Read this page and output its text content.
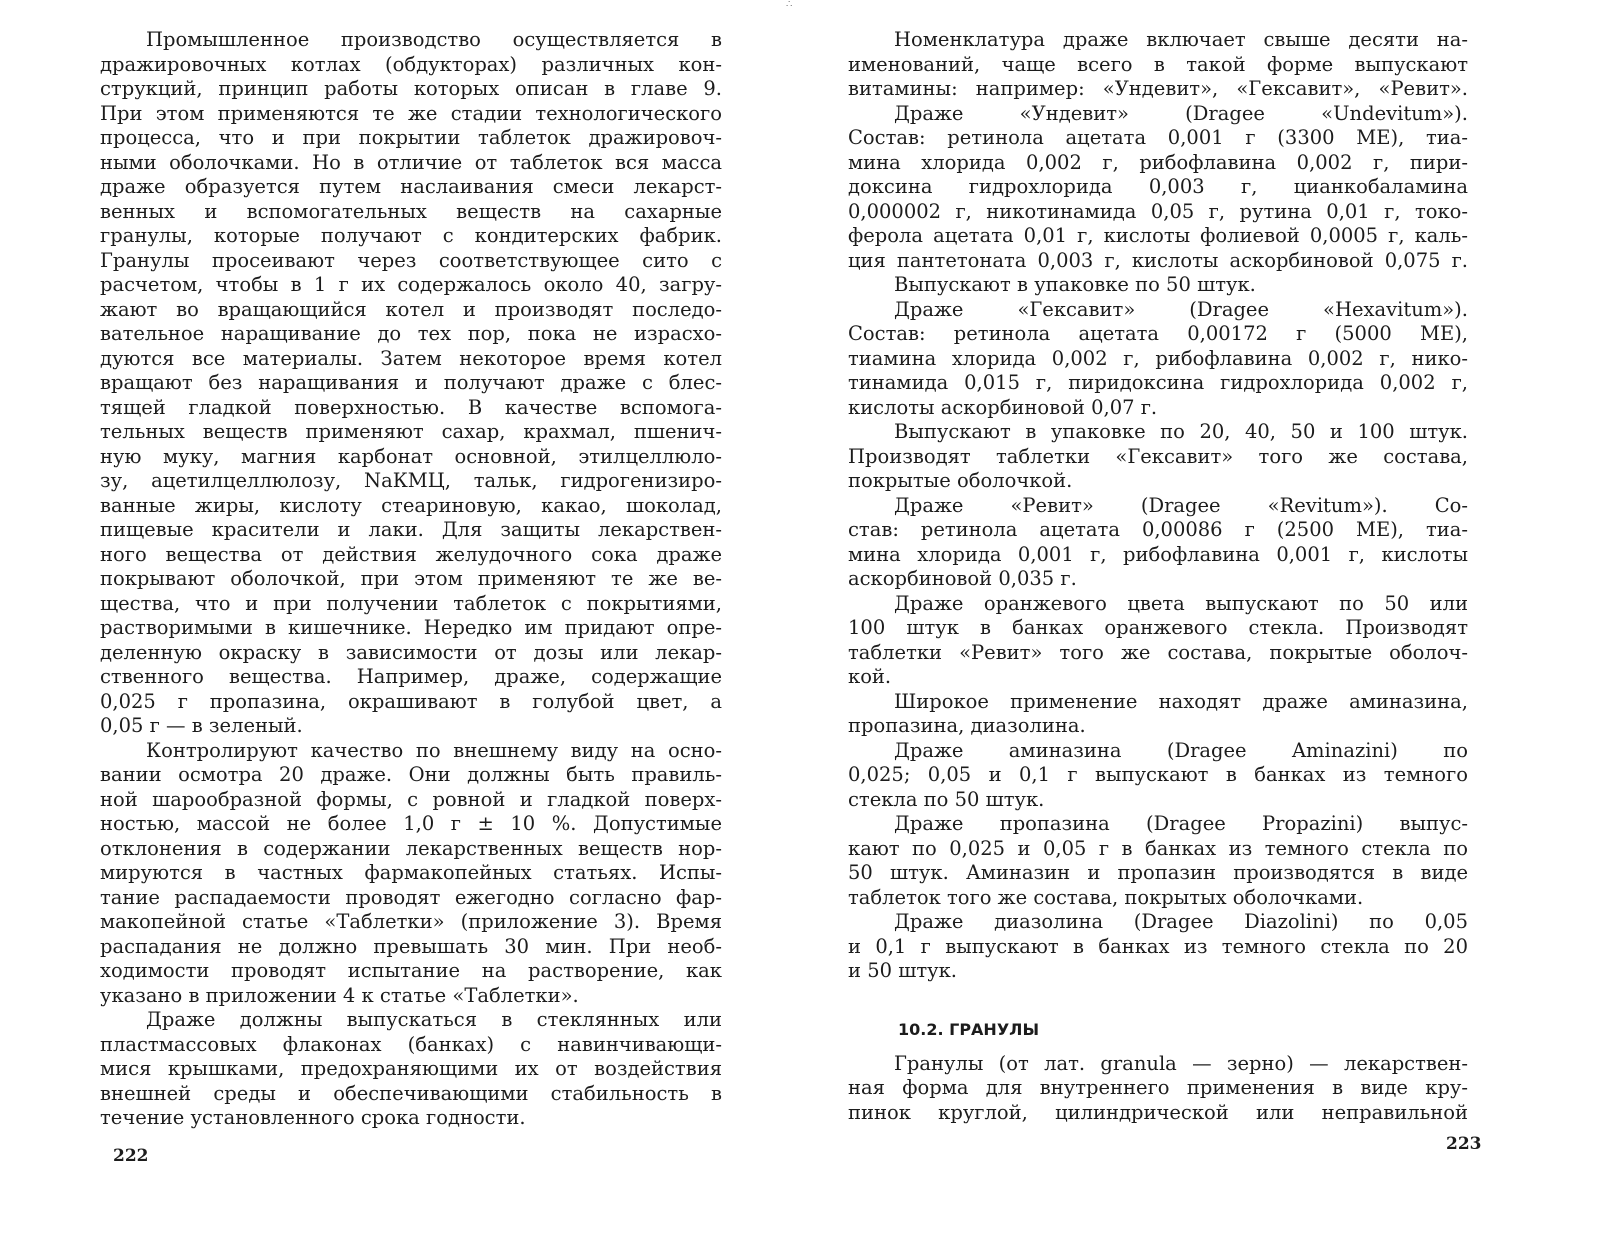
∴
Промышленное производство осуществляется в
дражировочных котлах (обдукторах) различных кон-
струкций, принцип работы которых описан в главе 9.
При этом применяются те же стадии технологического
процесса, что и при покрытии таблеток дражировоч-
ными оболочками. Но в отличие от таблеток вся масса
драже образуется путем наслаивания смеси лекарст-
венных и вспомогательных веществ на сахарные
гранулы, которые получают с кондитерских фабрик.
Гранулы просеивают через соответствующее сито с
расчетом, чтобы в 1 г их содержалось около 40, загру-
жают во вращающийся котел и производят последо-
вательное наращивание до тех пор, пока не израсхо-
дуются все материалы. Затем некоторое время котел
вращают без наращивания и получают драже с блес-
тящей гладкой поверхностью. В качестве вспомога-
тельных веществ применяют сахар, крахмал, пшенич-
ную муку, магния карбонат основной, этилцеллюло-
зу, ацетилцеллюлозу, NaКМЦ, тальк, гидрогенизиро-
ванные жиры, кислоту стеариновую, какао, шоколад,
пищевые красители и лаки. Для защиты лекарствен-
ного вещества от действия желудочного сока драже
покрывают оболочкой, при этом применяют те же ве-
щества, что и при получении таблеток с покрытиями,
растворимыми в кишечнике. Нередко им придают опре-
деленную окраску в зависимости от дозы или лекар-
ственного вещества. Например, драже, содержащие
0,025 г пропазина, окрашивают в голубой цвет, а
0,05 г — в зеленый.
Контролируют качество по внешнему виду на осно-
вании осмотра 20 драже. Они должны быть правиль-
ной шарообразной формы, с ровной и гладкой поверх-
ностью, массой не более 1,0 г ± 10 %. Допустимые
отклонения в содержании лекарственных веществ нор-
мируются в частных фармакопейных статьях. Испы-
тание распадаемости проводят ежегодно согласно фар-
макопейной статье «Таблетки» (приложение 3). Время
распадания не должно превышать 30 мин. При необ-
ходимости проводят испытание на растворение, как
указано в приложении 4 к статье «Таблетки».
Драже должны выпускаться в стеклянных или
пластмассовых флаконах (банках) с навинчивающи-
мися крышками, предохраняющими их от воздействия
внешней среды и обеспечивающими стабильность в
течение установленного срока годности.
Номенклатура драже включает свыше десяти на-
именований, чаще всего в такой форме выпускают
витамины: например: «Ундевит», «Гексавит», «Ревит».
Драже «Ундевит» (Dragee «Undevitum»).
Состав: ретинола ацетата 0,001 г (3300 МЕ), тиа-
мина хлорида 0,002 г, рибофлавина 0,002 г, пири-
доксина гидрохлорида 0,003 г, цианкобаламина
0,000002 г, никотинамида 0,05 г, рутина 0,01 г, токо-
ферола ацетата 0,01 г, кислоты фолиевой 0,0005 г, каль-
ция пантетоната 0,003 г, кислоты аскорбиновой 0,075 г.
Выпускают в упаковке по 50 штук.
Драже «Гексавит» (Dragee «Hexavitum»).
Состав: ретинола ацетата 0,00172 г (5000 МЕ),
тиамина хлорида 0,002 г, рибофлавина 0,002 г, нико-
тинамида 0,015 г, пиридоксина гидрохлорида 0,002 г,
кислоты аскорбиновой 0,07 г.
Выпускают в упаковке по 20, 40, 50 и 100 штук.
Производят таблетки «Гексавит» того же состава,
покрытые оболочкой.
Драже «Ревит» (Dragee «Revitum»). Со-
став: ретинола ацетата 0,00086 г (2500 МЕ), тиа-
мина хлорида 0,001 г, рибофлавина 0,001 г, кислоты
аскорбиновой 0,035 г.
Драже оранжевого цвета выпускают по 50 или
100 штук в банках оранжевого стекла. Производят
таблетки «Ревит» того же состава, покрытые оболоч-
кой.
Широкое применение находят драже аминазина,
пропазина, диазолина.
Драже аминазина (Dragee Aminazini) по
0,025; 0,05 и 0,1 г выпускают в банках из темного
стекла по 50 штук.
Драже пропазина (Dragee Propazini) выпус-
кают по 0,025 и 0,05 г в банках из темного стекла по
50 штук. Аминазин и пропазин производятся в виде
таблеток того же состава, покрытых оболочками.
Драже диазолина (Dragee Diazolini) по 0,05
и 0,1 г выпускают в банках из темного стекла по 20
и 50 штук.
10.2. ГРАНУЛЫ
Гранулы (от лат. granula — зерно) — лекарствен-
ная форма для внутреннего применения в виде кру-
пинок круглой, цилиндрической или неправильной
222
223
